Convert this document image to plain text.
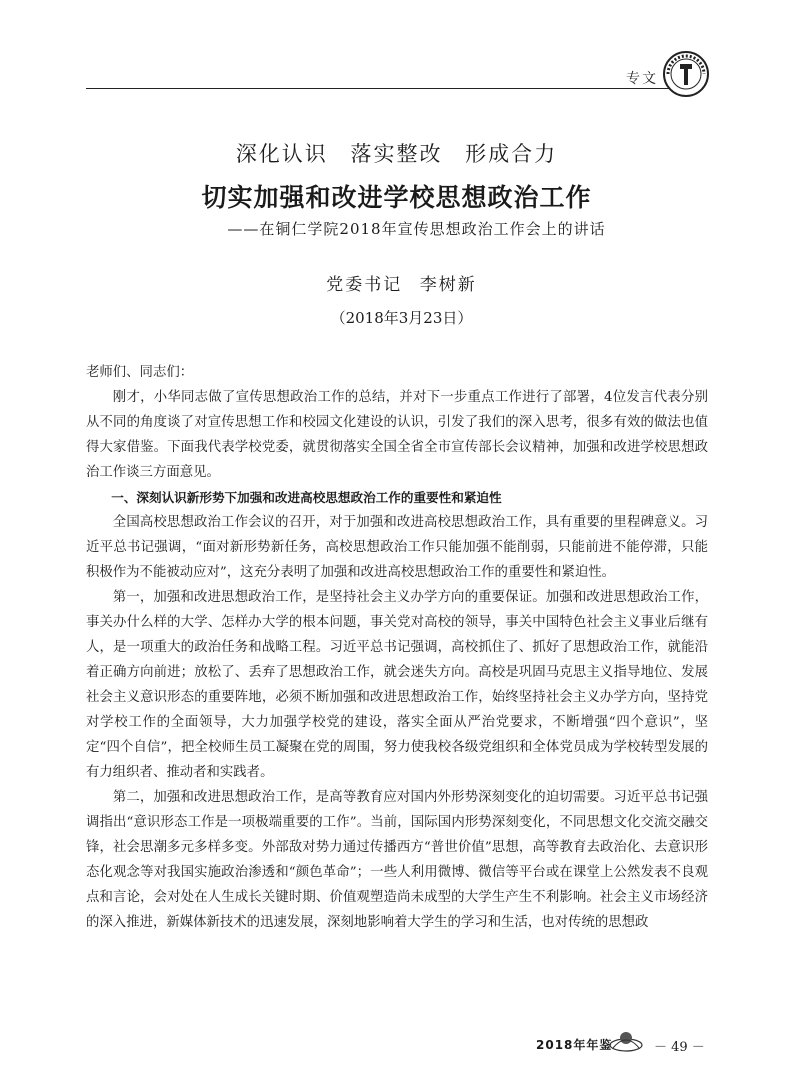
专文
深化认识 落实整改 形成合力
切实加强和改进学校思想政治工作
——在铜仁学院2018年宣传思想政治工作会上的讲话
党委书记 李树新
（2018年3月23日）

老师们、同志们：

刚才，小华同志做了宣传思想政治工作的总结，并对下一步重点工作进行了部署，4位发言代表分别从不同的角度谈了对宣传思想工作和校园文化建设的认识，引发了我们的深入思考，很多有效的做法也值得大家借鉴。下面我代表学校党委，就贯彻落实全国全省全市宣传部长会议精神，加强和改进学校思想政治工作谈三方面意见。

一、深刻认识新形势下加强和改进高校思想政治工作的重要性和紧迫性

全国高校思想政治工作会议的召开，对于加强和改进高校思想政治工作，具有重要的里程碑意义。习近平总书记强调，“面对新形势新任务，高校思想政治工作只能加强不能削弱，只能前进不能停滞，只能积极作为不能被动应对”，这充分表明了加强和改进高校思想政治工作的重要性和紧迫性。

第一，加强和改进思想政治工作，是坚持社会主义办学方向的重要保证。加强和改进思想政治工作，事关办什么样的大学、怎样办大学的根本问题，事关党对高校的领导，事关中国特色社会主义事业后继有人，是一项重大的政治任务和战略工程。习近平总书记强调，高校抓住了、抓好了思想政治工作，就能沿着正确方向前进；放松了、丢弃了思想政治工作，就会迷失方向。高校是巩固马克思主义指导地位、发展社会主义意识形态的重要阵地，必须不断加强和改进思想政治工作，始终坚持社会主义办学方向，坚持党对学校工作的全面领导，大力加强学校党的建设，落实全面从严治党要求，不断增强“四个意识”，坚定“四个自信”，把全校师生员工凝聚在党的周围，努力使我校各级党组织和全体党员成为学校转型发展的有力组织者、推动者和实践者。

第二，加强和改进思想政治工作，是高等教育应对国内外形势深刻变化的迫切需要。习近平总书记强调指出“意识形态工作是一项极端重要的工作”。当前，国际国内形势深刻变化，不同思想文化交流交融交锋，社会思潮多元多样多变。外部敌对势力通过传播西方“普世价值”思想，高等教育去政治化、去意识形态化观念等对我国实施政治渗透和“颜色革命”；一些人利用微博、微信等平台或在课堂上公然发表不良观点和言论，会对处在人生成长关键时期、价值观塑造尚未成型的大学生产生不利影响。社会主义市场经济的深入推进，新媒体新技术的迅速发展，深刻地影响着大学生的学习和生活，也对传统的思想政

2018年年鉴	－ 49 －
